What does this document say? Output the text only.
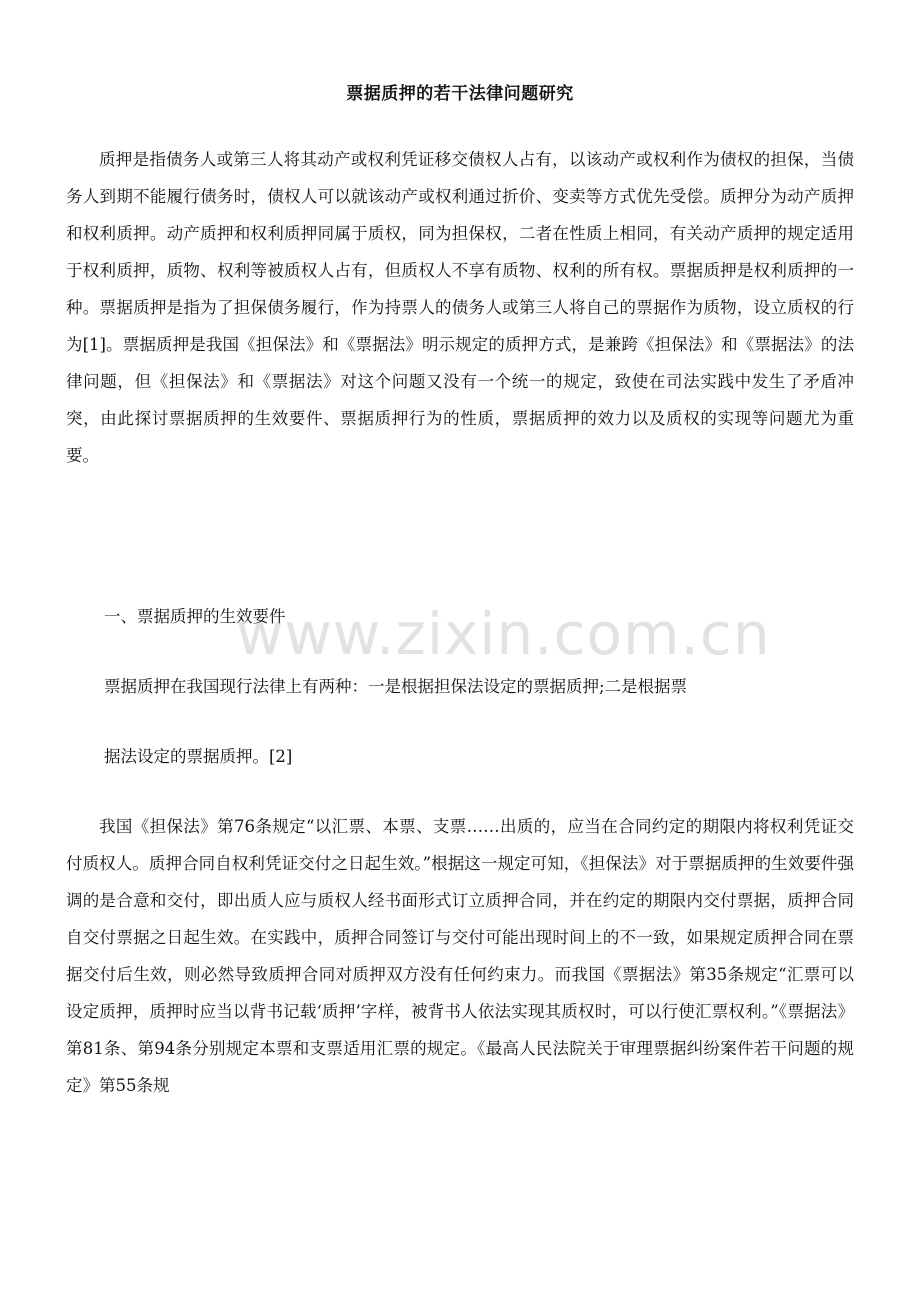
票据质押的若干法律问题研究

质押是指债务人或第三人将其动产或权利凭证移交债权人占有，以该动产或权利作为债权的担保，当债务人到期不能履行债务时，债权人可以就该动产或权利通过折价、变卖等方式优先受偿。质押分为动产质押和权利质押。动产质押和权利质押同属于质权，同为担保权，二者在性质上相同，有关动产质押的规定适用于权利质押，质物、权利等被质权人占有，但质权人不享有质物、权利的所有权。票据质押是权利质押的一种。票据质押是指为了担保债务履行，作为持票人的债务人或第三人将自己的票据作为质物，设立质权的行为[1]。票据质押是我国《担保法》和《票据法》明示规定的质押方式，是兼跨《担保法》和《票据法》的法律问题，但《担保法》和《票据法》对这个问题又没有一个统一的规定，致使在司法实践中发生了矛盾冲突，由此探讨票据质押的生效要件、票据质押行为的性质，票据质押的效力以及质权的实现等问题尤为重要。

一、票据质押的生效要件
票据质押在我国现行法律上有两种：一是根据担保法设定的票据质押;二是根据票
据法设定的票据质押。[2]

我国《担保法》第76条规定“以汇票、本票、支票……出质的，应当在合同约定的期限内将权利凭证交付质权人。质押合同自权利凭证交付之日起生效。”根据这一规定可知，《担保法》对于票据质押的生效要件强调的是合意和交付，即出质人应与质权人经书面形式订立质押合同，并在约定的期限内交付票据，质押合同自交付票据之日起生效。在实践中，质押合同签订与交付可能出现时间上的不一致，如果规定质押合同在票据交付后生效，则必然导致质押合同对质押双方没有任何约束力。而我国《票据法》第35条规定“汇票可以设定质押，质押时应当以背书记载‘质押’字样，被背书人依法实现其质权时，可以行使汇票权利。”《票据法》第81条、第94条分别规定本票和支票适用汇票的规定。《最高人民法院关于审理票据纠纷案件若干问题的规定》第55条规

www.zixin.com.cn
